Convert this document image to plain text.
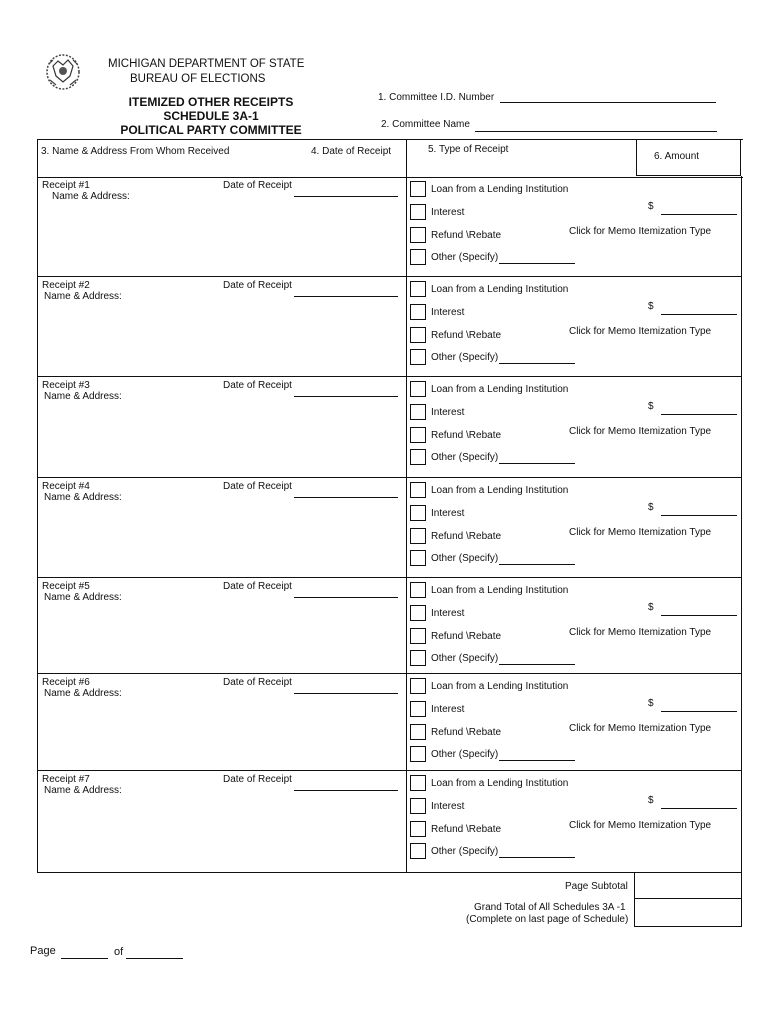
MICHIGAN DEPARTMENT OF STATE
BUREAU OF ELECTIONS
ITEMIZED OTHER RECEIPTS
SCHEDULE 3A-1
POLITICAL PARTY COMMITTEE
1. Committee I.D. Number
2. Committee Name
3. Name & Address From Whom Received	4. Date of Receipt	5. Type of Receipt
6. Amount
Receipt #1
Name & Address:
Date of Receipt	Loan from a Lending Institution
Interest
Refund \Rebate
Other (Specify)
$
Click for Memo Itemization Type
Receipt #2
Name & Address:
Date of Receipt	Loan from a Lending Institution
Interest
Refund \Rebate
Other (Specify)
$
Click for Memo Itemization Type
Receipt #3
Name & Address:
Date of Receipt	Loan from a Lending Institution
Interest
Refund \Rebate
Other (Specify)
$
Click for Memo Itemization Type
Receipt #4
Name & Address:
Date of Receipt	Loan from a Lending Institution
Interest
Refund \Rebate
Other (Specify)
$
Click for Memo Itemization Type
Receipt #5
Name & Address:
Date of Receipt	Loan from a Lending Institution
Interest
Refund \Rebate
Other (Specify)
$
Click for Memo Itemization Type
Receipt #6
Name & Address:
Date of Receipt	Loan from a Lending Institution
Interest
Refund \Rebate
Other (Specify)
$
Click for Memo Itemization Type
Receipt #7
Name & Address:
Date of Receipt	Loan from a Lending Institution
Interest
Refund \Rebate
Other (Specify)
$
Click for Memo Itemization Type
Page Subtotal
Grand Total of All Schedules 3A -1
(Complete on last page of Schedule)
Page	of
